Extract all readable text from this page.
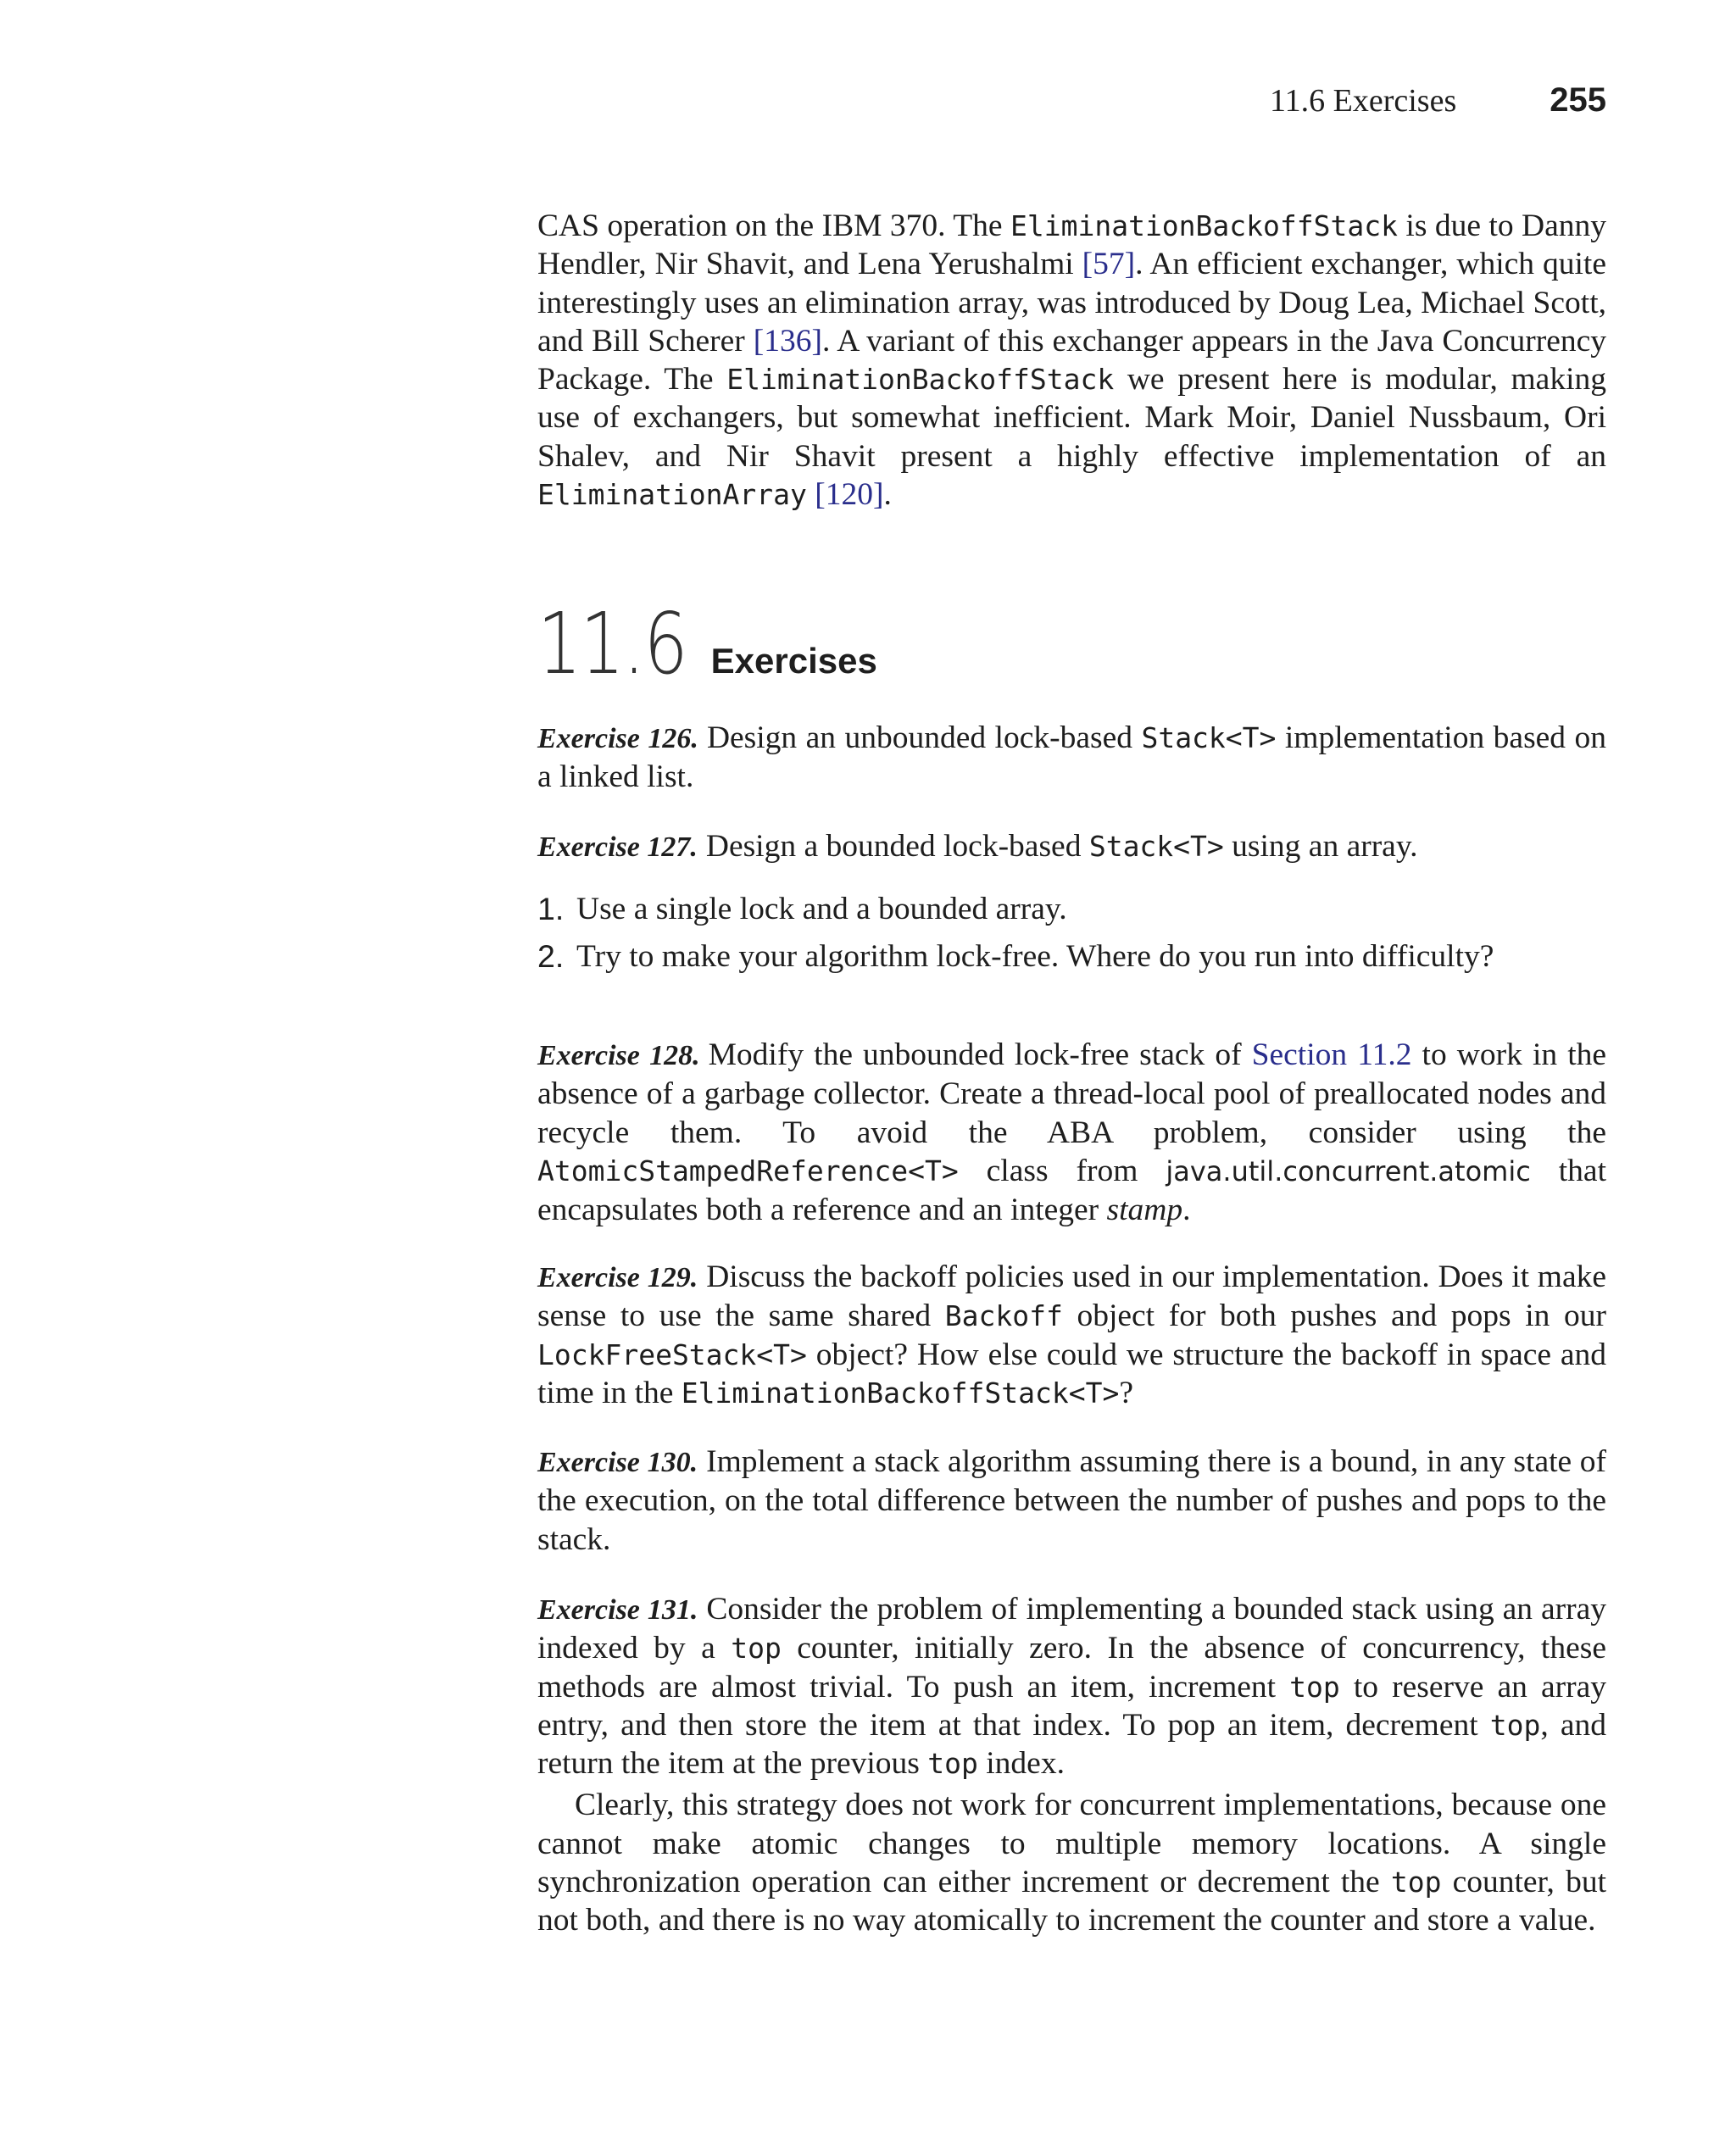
11.6 Exercises	255

CAS operation on the IBM 370. The EliminationBackoffStack is due to Danny Hendler, Nir Shavit, and Lena Yerushalmi [57]. An efficient exchanger, which quite interestingly uses an elimination array, was introduced by Doug Lea, Michael Scott, and Bill Scherer [136]. A variant of this exchanger appears in the Java Concurrency Package. The EliminationBackoffStack we present here is modular, making use of exchangers, but somewhat inefficient. Mark Moir, Daniel Nussbaum, Ori Shalev, and Nir Shavit present a highly effective implementation of an EliminationArray [120].

11.6 Exercises

Exercise 126. Design an unbounded lock-based Stack<T> implementation based on a linked list.

Exercise 127. Design a bounded lock-based Stack<T> using an array.

1. Use a single lock and a bounded array.
2. Try to make your algorithm lock-free. Where do you run into difficulty?

Exercise 128. Modify the unbounded lock-free stack of Section 11.2 to work in the absence of a garbage collector. Create a thread-local pool of preallocated nodes and recycle them. To avoid the ABA problem, consider using the AtomicStampedReference<T> class from java.util.concurrent.atomic that encapsulates both a reference and an integer stamp.

Exercise 129. Discuss the backoff policies used in our implementation. Does it make sense to use the same shared Backoff object for both pushes and pops in our LockFreeStack<T> object? How else could we structure the backoff in space and time in the EliminationBackoffStack<T>?

Exercise 130. Implement a stack algorithm assuming there is a bound, in any state of the execution, on the total difference between the number of pushes and pops to the stack.

Exercise 131. Consider the problem of implementing a bounded stack using an array indexed by a top counter, initially zero. In the absence of concurrency, these methods are almost trivial. To push an item, increment top to reserve an array entry, and then store the item at that index. To pop an item, decrement top, and return the item at the previous top index.

Clearly, this strategy does not work for concurrent implementations, because one cannot make atomic changes to multiple memory locations. A single synchronization operation can either increment or decrement the top counter, but not both, and there is no way atomically to increment the counter and store a value.
